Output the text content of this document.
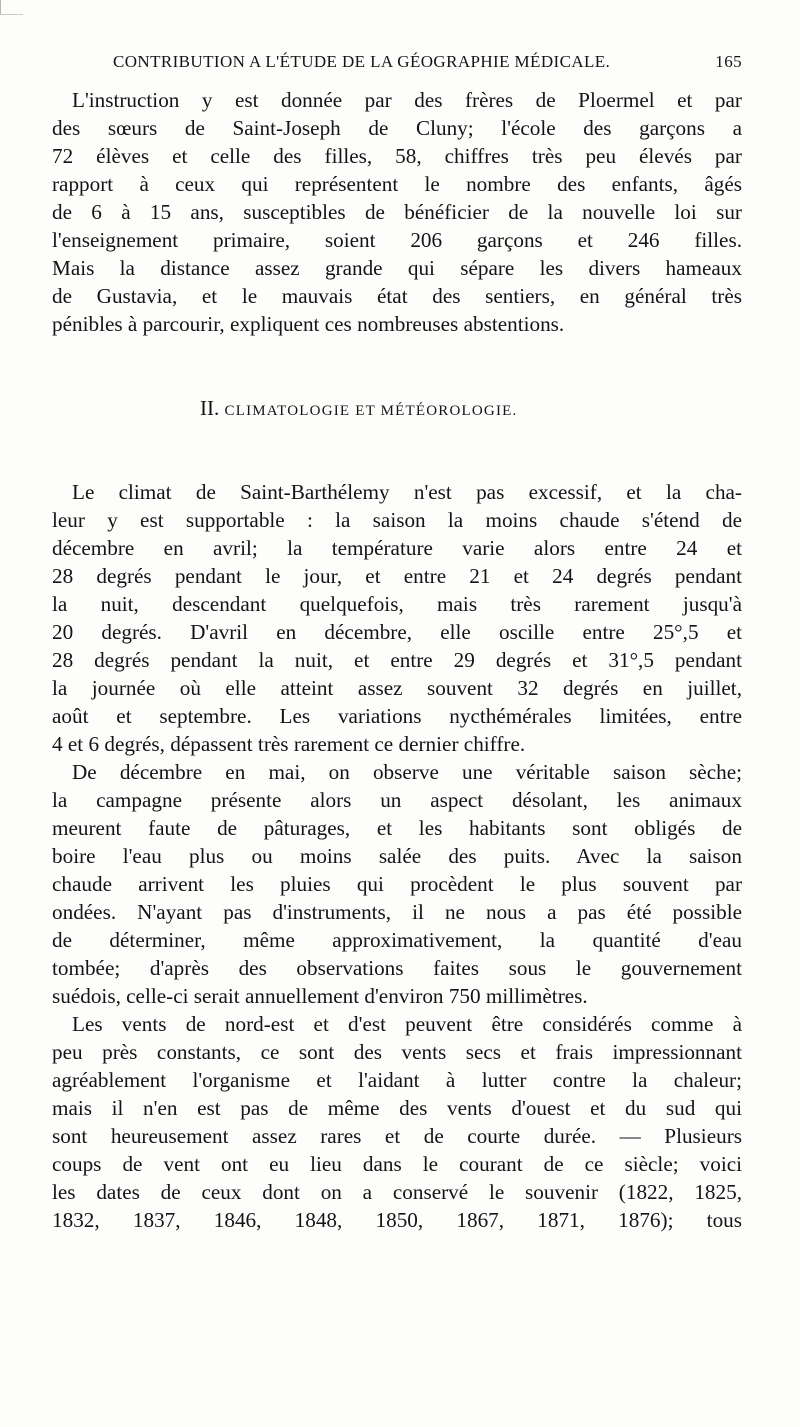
CONTRIBUTION A L'ÉTUDE DE LA GÉOGRAPHIE MÉDICALE.	165
L'instruction y est donnée par des frères de Ploermel et par
des sœurs de Saint-Joseph de Cluny; l'école des garçons a
72 élèves et celle des filles, 58, chiffres très peu élevés par
rapport à ceux qui représentent le nombre des enfants, âgés
de 6 à 15 ans, susceptibles de bénéficier de la nouvelle loi sur
l'enseignement primaire, soient 206 garçons et 246 filles.
Mais la distance assez grande qui sépare les divers hameaux
de Gustavia, et le mauvais état des sentiers, en général très
pénibles à parcourir, expliquent ces nombreuses abstentions.
II. CLIMATOLOGIE ET MÉTÉOROLOGIE.
Le climat de Saint-Barthélemy n'est pas excessif, et la cha-
leur y est supportable : la saison la moins chaude s'étend de
décembre en avril; la température varie alors entre 24 et
28 degrés pendant le jour, et entre 21 et 24 degrés pendant
la nuit, descendant quelquefois, mais très rarement jusqu'à
20 degrés. D'avril en décembre, elle oscille entre 25°,5 et
28 degrés pendant la nuit, et entre 29 degrés et 31°,5 pendant
la journée où elle atteint assez souvent 32 degrés en juillet,
août et septembre. Les variations nycthémérales limitées, entre
4 et 6 degrés, dépassent très rarement ce dernier chiffre.
De décembre en mai, on observe une véritable saison sèche;
la campagne présente alors un aspect désolant, les animaux
meurent faute de pâturages, et les habitants sont obligés de
boire l'eau plus ou moins salée des puits. Avec la saison
chaude arrivent les pluies qui procèdent le plus souvent par
ondées. N'ayant pas d'instruments, il ne nous a pas été possible
de déterminer, même approximativement, la quantité d'eau
tombée; d'après des observations faites sous le gouvernement
suédois, celle-ci serait annuellement d'environ 750 millimètres.
Les vents de nord-est et d'est peuvent être considérés comme à
peu près constants, ce sont des vents secs et frais impressionnant
agréablement l'organisme et l'aidant à lutter contre la chaleur;
mais il n'en est pas de même des vents d'ouest et du sud qui
sont heureusement assez rares et de courte durée. — Plusieurs
coups de vent ont eu lieu dans le courant de ce siècle; voici
les dates de ceux dont on a conservé le souvenir (1822, 1825,
1832, 1837, 1846, 1848, 1850, 1867, 1871, 1876); tous
